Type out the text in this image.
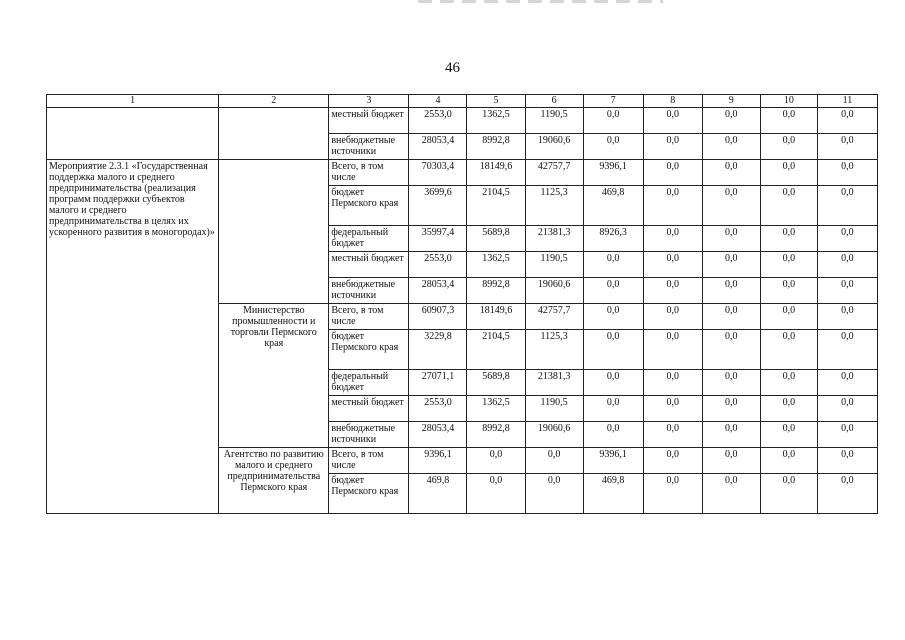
46
1	2	3	4	5	6	7	8	9	10	11
		местный бюджет	2553,0	1362,5	1190,5	0,0	0,0	0,0	0,0	0,0
		внебюджетные источники	28053,4	8992,8	19060,6	0,0	0,0	0,0	0,0	0,0
Мероприятие 2.3.1 «Государственная поддержка малого и среднего предпринимательства (реализация программ поддержки субъектов малого и среднего предпринимательства в целях их ускоренного развития в моногородах)»		Всего, в том числе	70303,4	18149,6	42757,7	9396,1	0,0	0,0	0,0	0,0
		бюджет Пермского края	3699,6	2104,5	1125,3	469,8	0,0	0,0	0,0	0,0
		федеральный бюджет	35997,4	5689,8	21381,3	8926,3	0,0	0,0	0,0	0,0
		местный бюджет	2553,0	1362,5	1190,5	0,0	0,0	0,0	0,0	0,0
		внебюджетные источники	28053,4	8992,8	19060,6	0,0	0,0	0,0	0,0	0,0
	Министерство промышленности и торговли Пермского края	Всего, в том числе	60907,3	18149,6	42757,7	0,0	0,0	0,0	0,0	0,0
		бюджет Пермского края	3229,8	2104,5	1125,3	0,0	0,0	0,0	0,0	0,0
		федеральный бюджет	27071,1	5689,8	21381,3	0,0	0,0	0,0	0,0	0,0
		местный бюджет	2553,0	1362,5	1190,5	0,0	0,0	0,0	0,0	0,0
		внебюджетные источники	28053,4	8992,8	19060,6	0,0	0,0	0,0	0,0	0,0
	Агентство по развитию малого и среднего предпринимательства Пермского края	Всего, в том числе	9396,1	0,0	0,0	9396,1	0,0	0,0	0,0	0,0
		бюджет Пермского края	469,8	0,0	0,0	469,8	0,0	0,0	0,0	0,0
